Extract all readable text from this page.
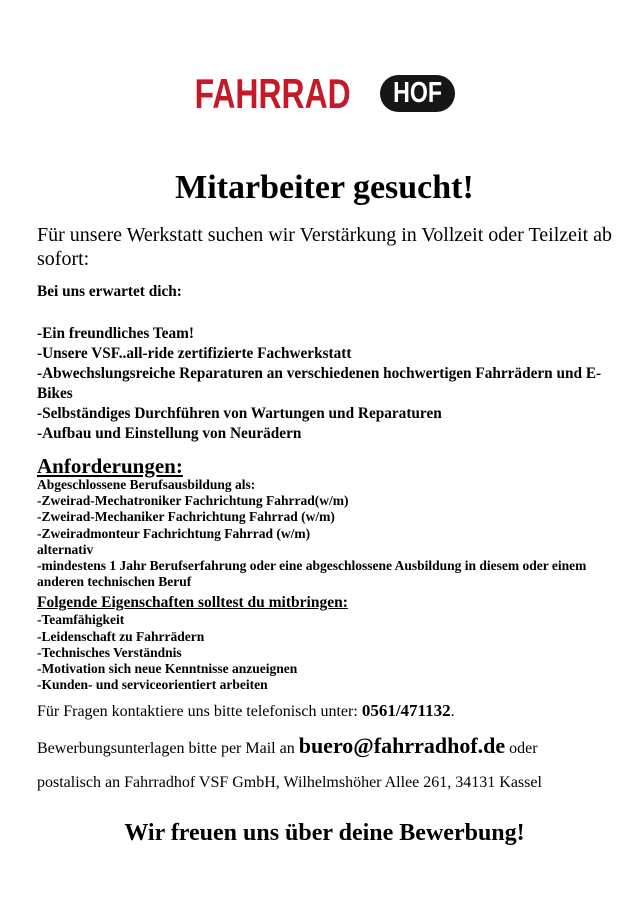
FAHRRAD HOF
Mitarbeiter gesucht!

Für unsere Werkstatt suchen wir Verstärkung in Vollzeit oder Teilzeit ab sofort:

Bei uns erwartet dich:

-Ein freundliches Team!

-Unsere VSF..all-ride zertifizierte Fachwerkstatt

-Abwechslungsreiche Reparaturen an verschiedenen hochwertigen Fahrrädern und E-Bikes

-Selbständiges Durchführen von Wartungen und Reparaturen

-Aufbau und Einstellung von Neurädern

Anforderungen:

Abgeschlossene Berufsausbildung als:

-Zweirad-Mechatroniker Fachrichtung Fahrrad(w/m)

-Zweirad-Mechaniker Fachrichtung Fahrrad (w/m)

-Zweiradmonteur Fachrichtung Fahrrad (w/m)

alternativ

-mindestens 1 Jahr Berufserfahrung oder eine abgeschlossene Ausbildung in diesem oder einem anderen technischen Beruf

Folgende Eigenschaften solltest du mitbringen:

-Teamfähigkeit

-Leidenschaft zu Fahrrädern

-Technisches Verständnis

-Motivation sich neue Kenntnisse anzueignen

-Kunden- und serviceorientiert arbeiten

Für Fragen kontaktiere uns bitte telefonisch unter: 0561/471132.

Bewerbungsunterlagen bitte per Mail an buero@fahrradhof.de oder

postalisch an Fahrradhof VSF GmbH, Wilhelmshöher Allee 261, 34131 Kassel

Wir freuen uns über deine Bewerbung!
